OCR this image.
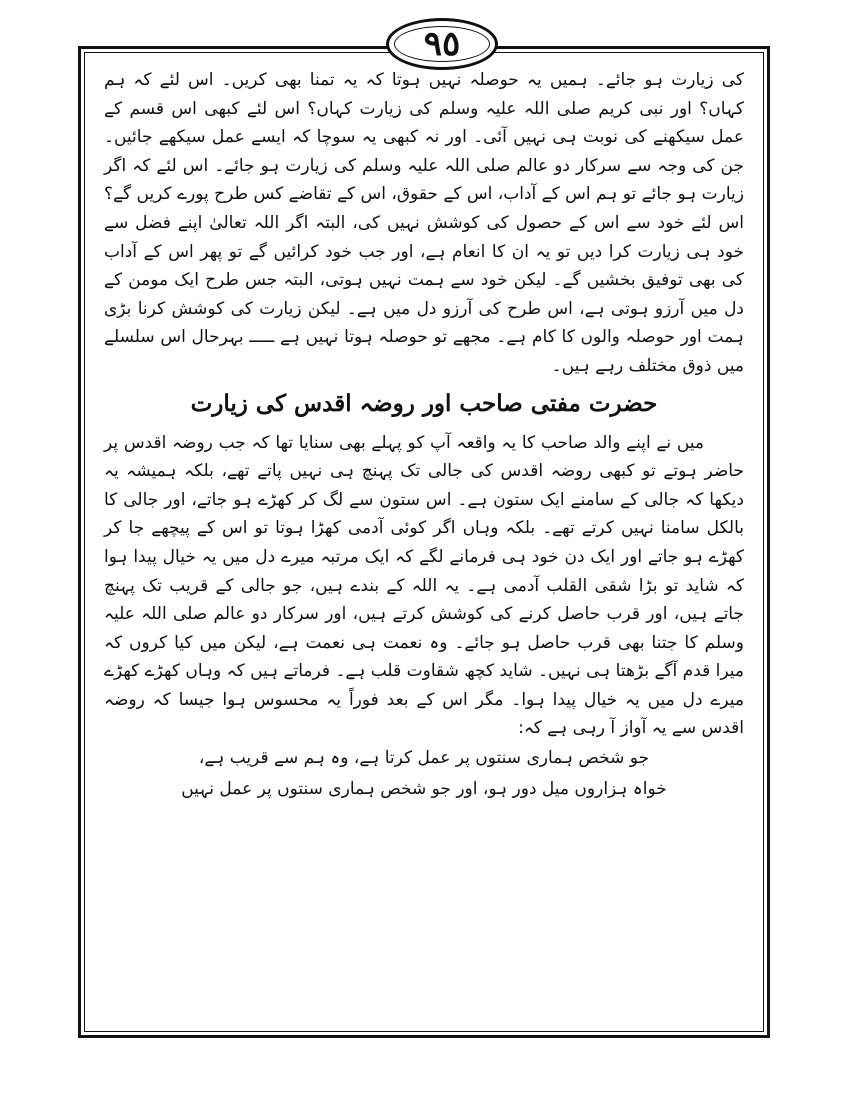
٩٥

کی زیارت ہو جائے۔ ہمیں یہ حوصلہ نہیں ہوتا کہ یہ تمنا بھی کریں۔ اس لئے کہ ہم کہاں؟ اور نبی کریم صلی اللہ علیہ وسلم کی زیارت کہاں؟ اس لئے کبھی اس قسم کے عمل سیکھنے کی نوبت ہی نہیں آئی۔ اور نہ کبھی یہ سوچا کہ ایسے عمل سیکھے جائیں۔ جن کی وجہ سے سرکار دو عالم صلی اللہ علیہ وسلم کی زیارت ہو جائے۔ اس لئے کہ اگر زیارت ہو جائے تو ہم اس کے آداب، اس کے حقوق، اس کے تقاضے کس طرح پورے کریں گے؟ اس لئے خود سے اس کے حصول کی کوشش نہیں کی، البتہ اگر اللہ تعالیٰ اپنے فضل سے خود ہی زیارت کرا دیں تو یہ ان کا انعام ہے، اور جب خود کرائیں گے تو پھر اس کے آداب کی بھی توفیق بخشیں گے۔ لیکن خود سے ہمت نہیں ہوتی، البتہ جس طرح ایک مومن کے دل میں آرزو ہوتی ہے، اس طرح کی آرزو دل میں ہے۔ لیکن زیارت کی کوشش کرنا بڑی ہمت اور حوصلہ والوں کا کام ہے۔ مجھے تو حوصلہ ہوتا نہیں ہے ـــــ بہرحال اس سلسلے میں ذوق مختلف رہے ہیں۔

حضرت مفتی صاحب اور روضہ اقدس کی زیارت

میں نے اپنے والد صاحب کا یہ واقعہ آپ کو پہلے بھی سنایا تھا کہ جب روضہ اقدس پر حاضر ہوتے تو کبھی روضہ اقدس کی جالی تک پہنچ ہی نہیں پاتے تھے، بلکہ ہمیشہ یہ دیکھا کہ جالی کے سامنے ایک ستون ہے۔ اس ستون سے لگ کر کھڑے ہو جاتے، اور جالی کا بالکل سامنا نہیں کرتے تھے۔ بلکہ وہاں اگر کوئی آدمی کھڑا ہوتا تو اس کے پیچھے جا کر کھڑے ہو جاتے اور ایک دن خود ہی فرمانے لگے کہ ایک مرتبہ میرے دل میں یہ خیال پیدا ہوا کہ شاید تو بڑا شقی القلب آدمی ہے۔ یہ اللہ کے بندے ہیں، جو جالی کے قریب تک پہنچ جاتے ہیں، اور قرب حاصل کرنے کی کوشش کرتے ہیں، اور سرکار دو عالم صلی اللہ علیہ وسلم کا جتنا بھی قرب حاصل ہو جائے۔ وہ نعمت ہی نعمت ہے، لیکن میں کیا کروں کہ میرا قدم آگے بڑھتا ہی نہیں۔ شاید کچھ شقاوت قلب ہے۔ فرماتے ہیں کہ وہاں کھڑے کھڑے میرے دل میں یہ خیال پیدا ہوا۔ مگر اس کے بعد فوراً یہ محسوس ہوا جیسا کہ روضہ اقدس سے یہ آواز آ رہی ہے کہ:

جو شخص ہماری سنتوں پر عمل کرتا ہے، وہ ہم سے قریب ہے،
خواہ ہزاروں میل دور ہو، اور جو شخص ہماری سنتوں پر عمل نہیں
